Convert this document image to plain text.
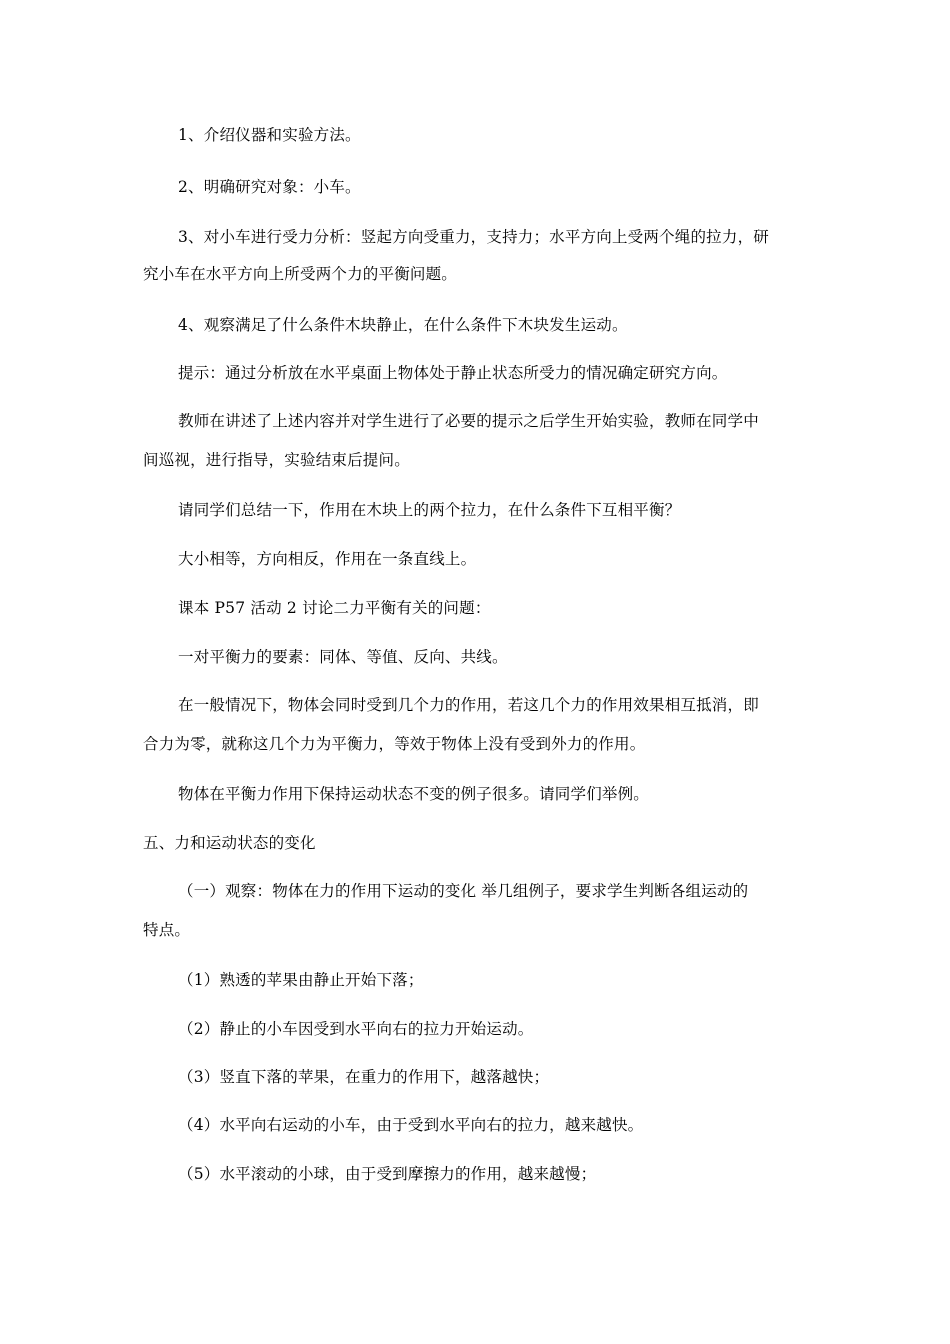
1、介绍仪器和实验方法。
2、明确研究对象：小车。
3、对小车进行受力分析：竖起方向受重力，支持力；水平方向上受两个绳的拉力，研
究小车在水平方向上所受两个力的平衡问题。
4、观察满足了什么条件木块静止，在什么条件下木块发生运动。
提示：通过分析放在水平桌面上物体处于静止状态所受力的情况确定研究方向。
教师在讲述了上述内容并对学生进行了必要的提示之后学生开始实验，教师在同学中
间巡视，进行指导，实验结束后提问。
请同学们总结一下，作用在木块上的两个拉力，在什么条件下互相平衡？
大小相等，方向相反，作用在一条直线上。
课本 P57 活动 2 讨论二力平衡有关的问题：
一对平衡力的要素：同体、等值、反向、共线。
在一般情况下，物体会同时受到几个力的作用，若这几个力的作用效果相互抵消，即
合力为零，就称这几个力为平衡力，等效于物体上没有受到外力的作用。
物体在平衡力作用下保持运动状态不变的例子很多。请同学们举例。
五、力和运动状态的变化
（一）观察：物体在力的作用下运动的变化 举几组例子，要求学生判断各组运动的
特点。
（1）熟透的苹果由静止开始下落；
（2）静止的小车因受到水平向右的拉力开始运动。
（3）竖直下落的苹果，在重力的作用下，越落越快；
（4）水平向右运动的小车，由于受到水平向右的拉力，越来越快。
（5）水平滚动的小球，由于受到摩擦力的作用，越来越慢；
